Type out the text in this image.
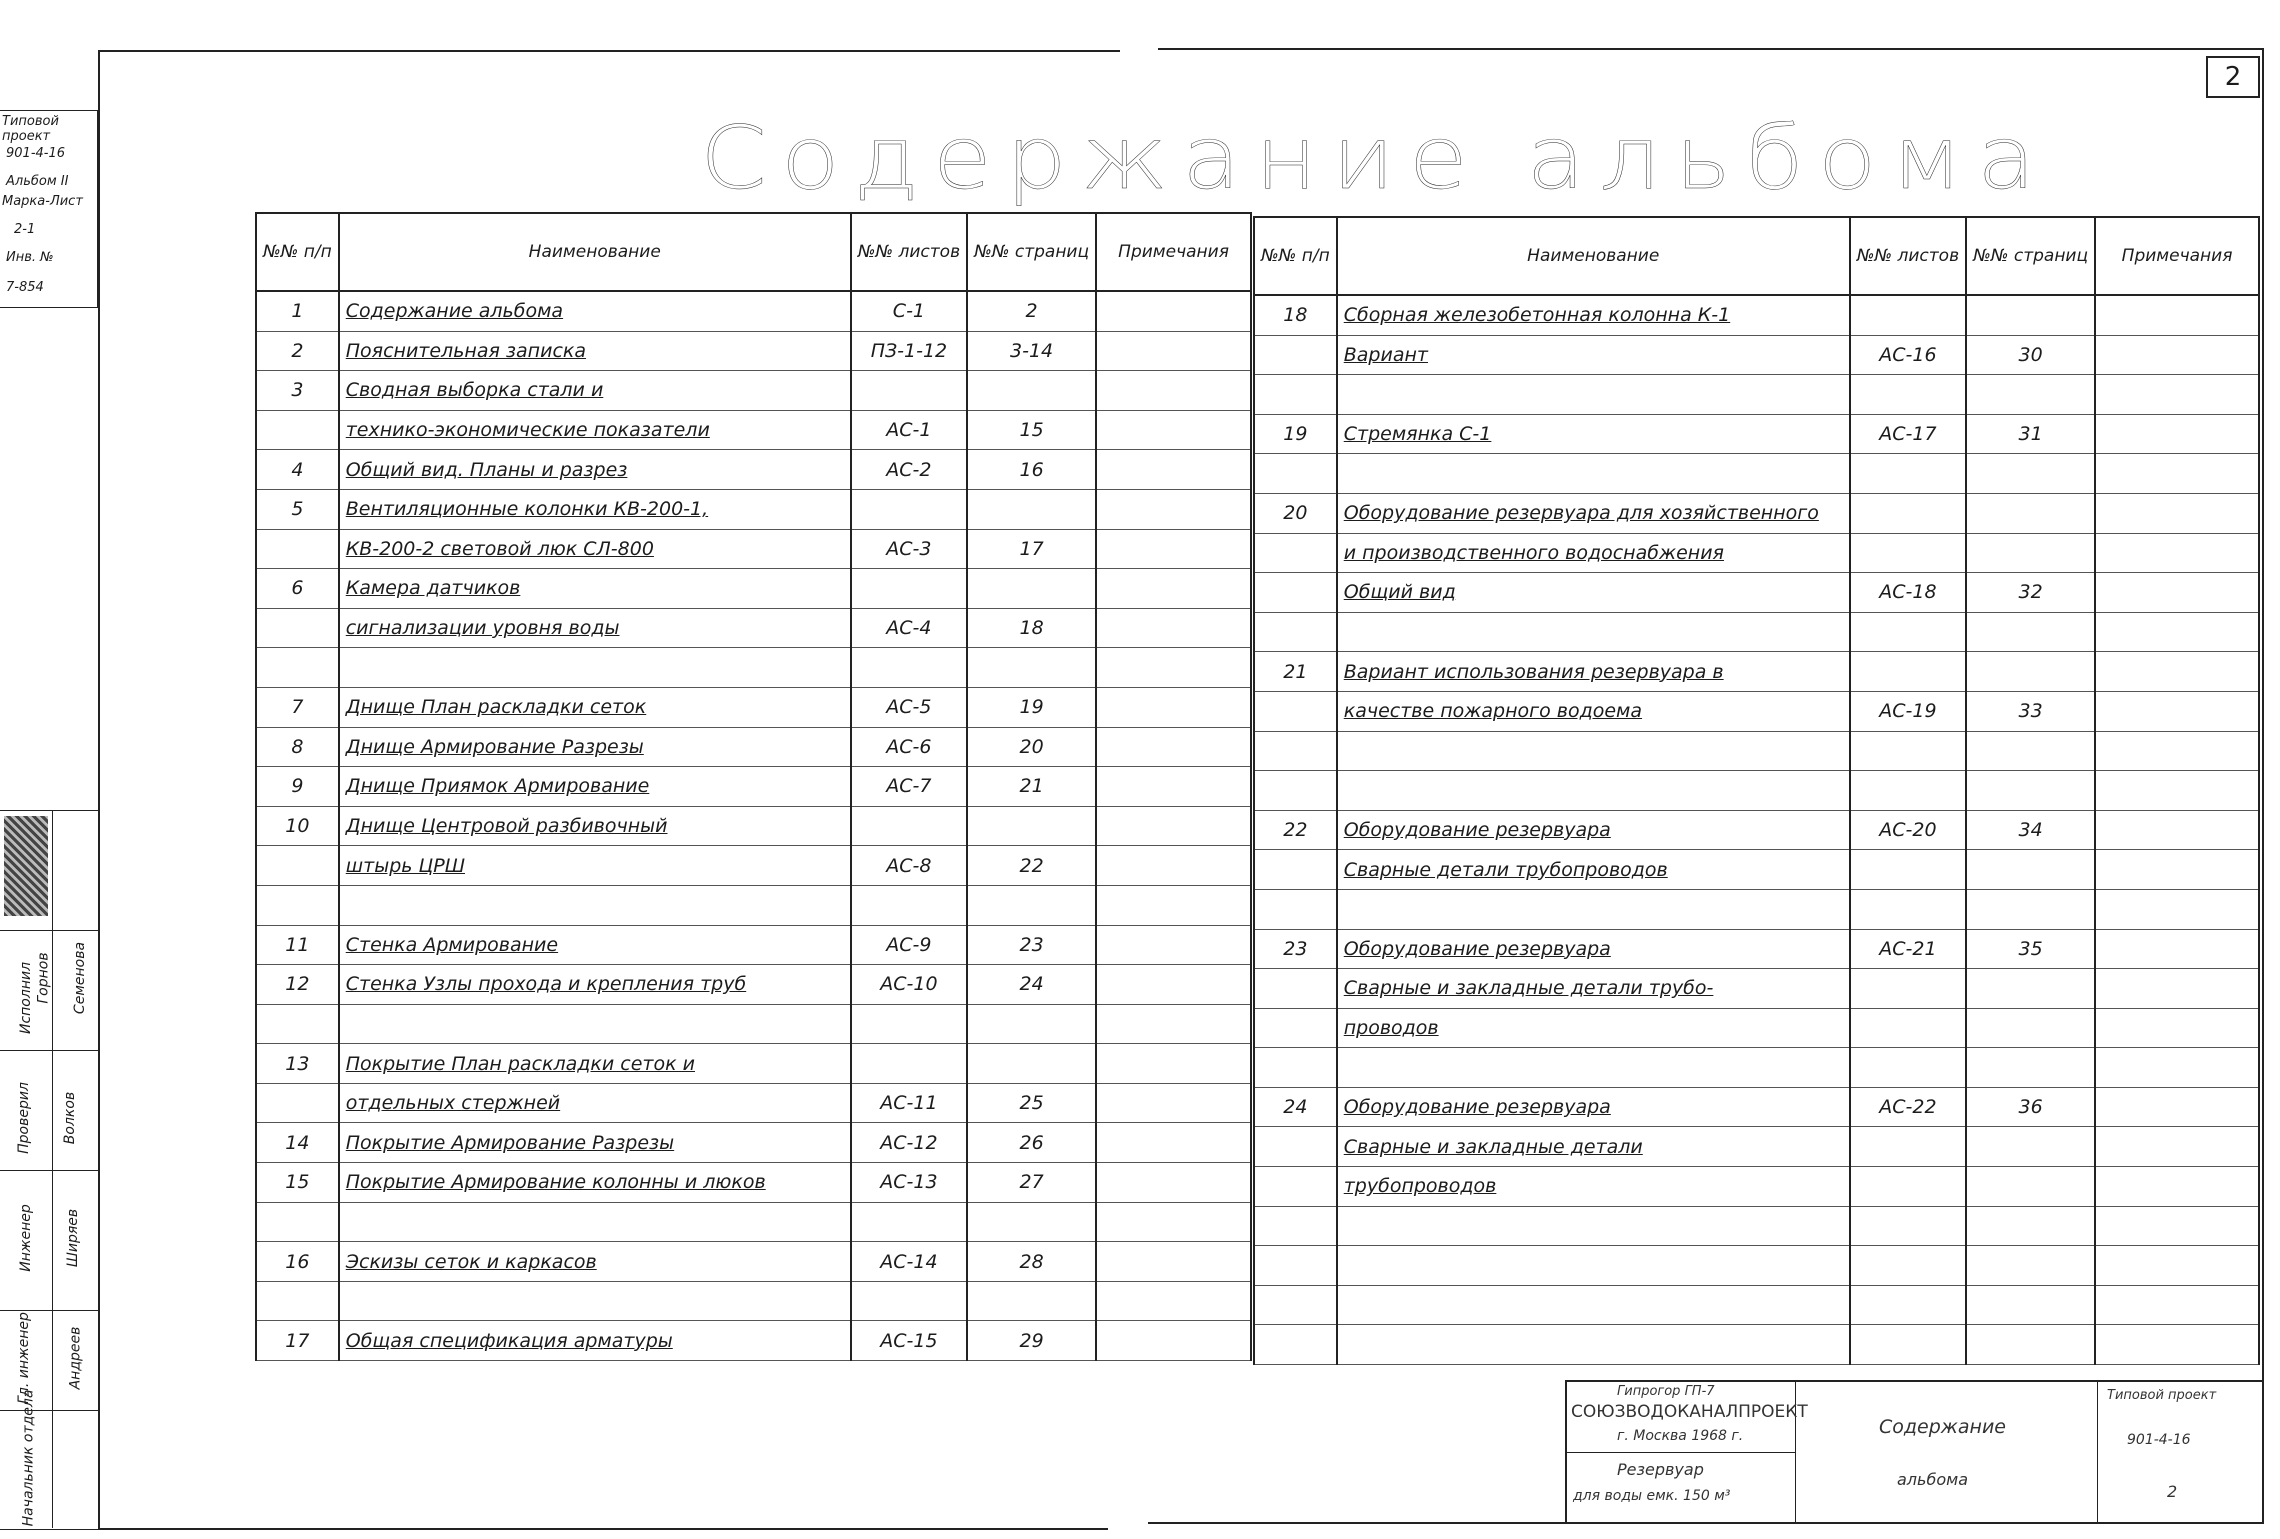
2
Содержание альбома
Типовой проект
901-4-16
Альбом II
Марка-Лист
2-1
Инв. №
7-854
Начальник отдела
Гл. инженер
Инженер
Проверил
Исполнил
Андреев
Ширяев
Волков
Горнов Семенова
№№ п/п	Наименование	№№ листов	№№ страниц	Примечания
1	Содержание альбома	С-1	2	
2	Пояснительная записка	ПЗ-1-12	3-14	
3	Сводная выборка стали и			
	технико-экономические показатели	АС-1	15	
4	Общий вид. Планы и разрез	АС-2	16	
5	Вентиляционные колонки КВ-200-1,			
	КВ-200-2 световой люк СЛ-800	АС-3	17	
6	Камера датчиков			
	сигнализации уровня воды	АС-4	18	

7	Днище План раскладки сеток	АС-5	19	
8	Днище Армирование Разрезы	АС-6	20	
9	Днище Приямок Армирование	АС-7	21	
10	Днище Центровой разбивочный			
	штырь ЦРШ	АС-8	22	

11	Стенка Армирование	АС-9	23	
12	Стенка Узлы прохода и крепления труб	АС-10	24	

13	Покрытие План раскладки сеток и			
	отдельных стержней	АС-11	25	
14	Покрытие Армирование Разрезы	АС-12	26	
15	Покрытие Армирование колонны и люков	АС-13	27	

16	Эскизы сеток и каркасов	АС-14	28	

17	Общая спецификация арматуры	АС-15	29	
№№ п/п	Наименование	№№ листов	№№ страниц	Примечания
18	Сборная железобетонная колонна К-1			
	Вариант	АС-16	30	

19	Стремянка С-1	АС-17	31	

20	Оборудование резервуара для хозяйственного			
	и производственного водоснабжения			
	Общий вид	АС-18	32	

21	Вариант использования резервуара в			
	качестве пожарного водоема	АС-19	33	

22	Оборудование резервуара	АС-20	34	
	Сварные детали трубопроводов			

23	Оборудование резервуара	АС-21	35	
	Сварные и закладные детали трубо-			
	проводов			

24	Оборудование резервуара	АС-22	36	
	Сварные и закладные детали			
	трубопроводов			

Гипрогор ГП-7
СОЮЗВОДОКАНАЛПРОЕКТ
г. Москва 1968 г.
Резервуар
для воды емк. 150 м³
Содержание
альбома
Типовой проект
901-4-16
2
